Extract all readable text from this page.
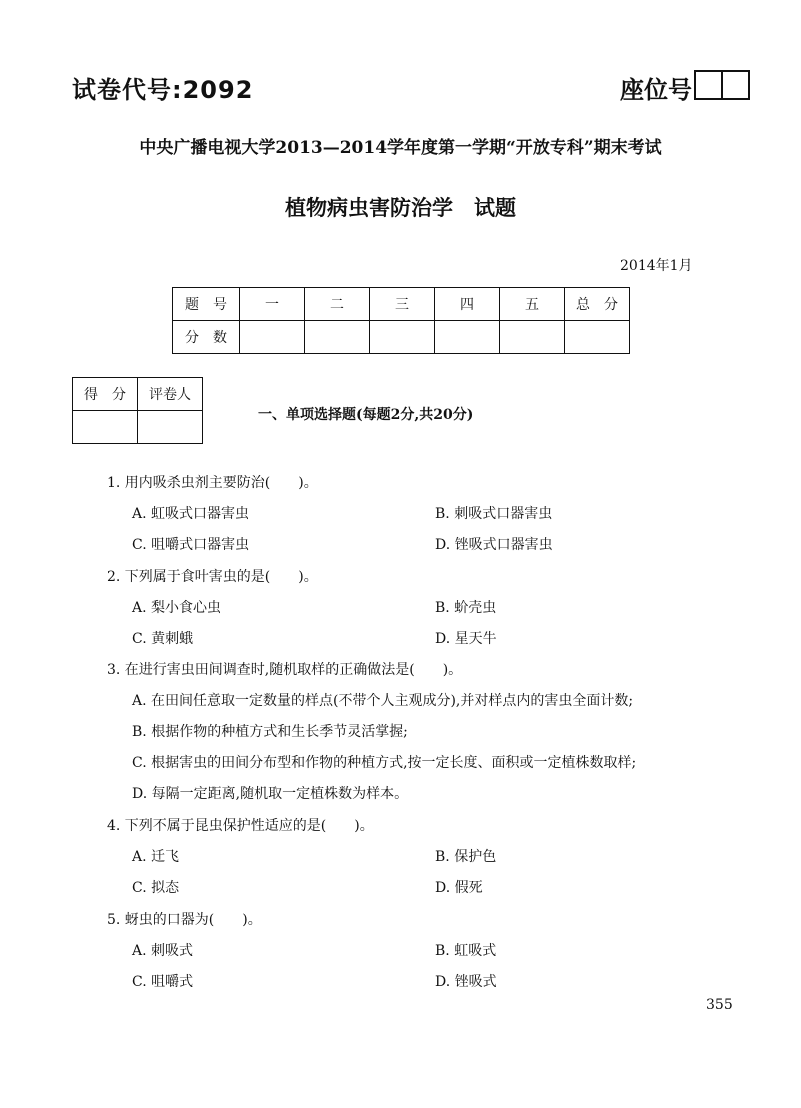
试卷代号:2092	座位号
中央广播电视大学2013—2014学年度第一学期“开放专科”期末考试
植物病虫害防治学　试题
2014年1月
题　号	一	二	三	四	五	总　分
分　数						
得　分	评卷人

一、单项选择题(每题2分,共20分)
1. 用内吸杀虫剂主要防治(　　)。
A. 虹吸式口器害虫	B. 刺吸式口器害虫
C. 咀嚼式口器害虫	D. 锉吸式口器害虫
2. 下列属于食叶害虫的是(　　)。
A. 梨小食心虫	B. 蚧壳虫
C. 黄刺蛾	D. 星天牛
3. 在进行害虫田间调查时,随机取样的正确做法是(　　)。
A. 在田间任意取一定数量的样点(不带个人主观成分),并对样点内的害虫全面计数;
B. 根据作物的种植方式和生长季节灵活掌握;
C. 根据害虫的田间分布型和作物的种植方式,按一定长度、面积或一定植株数取样;
D. 每隔一定距离,随机取一定植株数为样本。
4. 下列不属于昆虫保护性适应的是(　　)。
A. 迁飞	B. 保护色
C. 拟态	D. 假死
5. 蚜虫的口器为(　　)。
A. 刺吸式	B. 虹吸式
C. 咀嚼式	D. 锉吸式
355
